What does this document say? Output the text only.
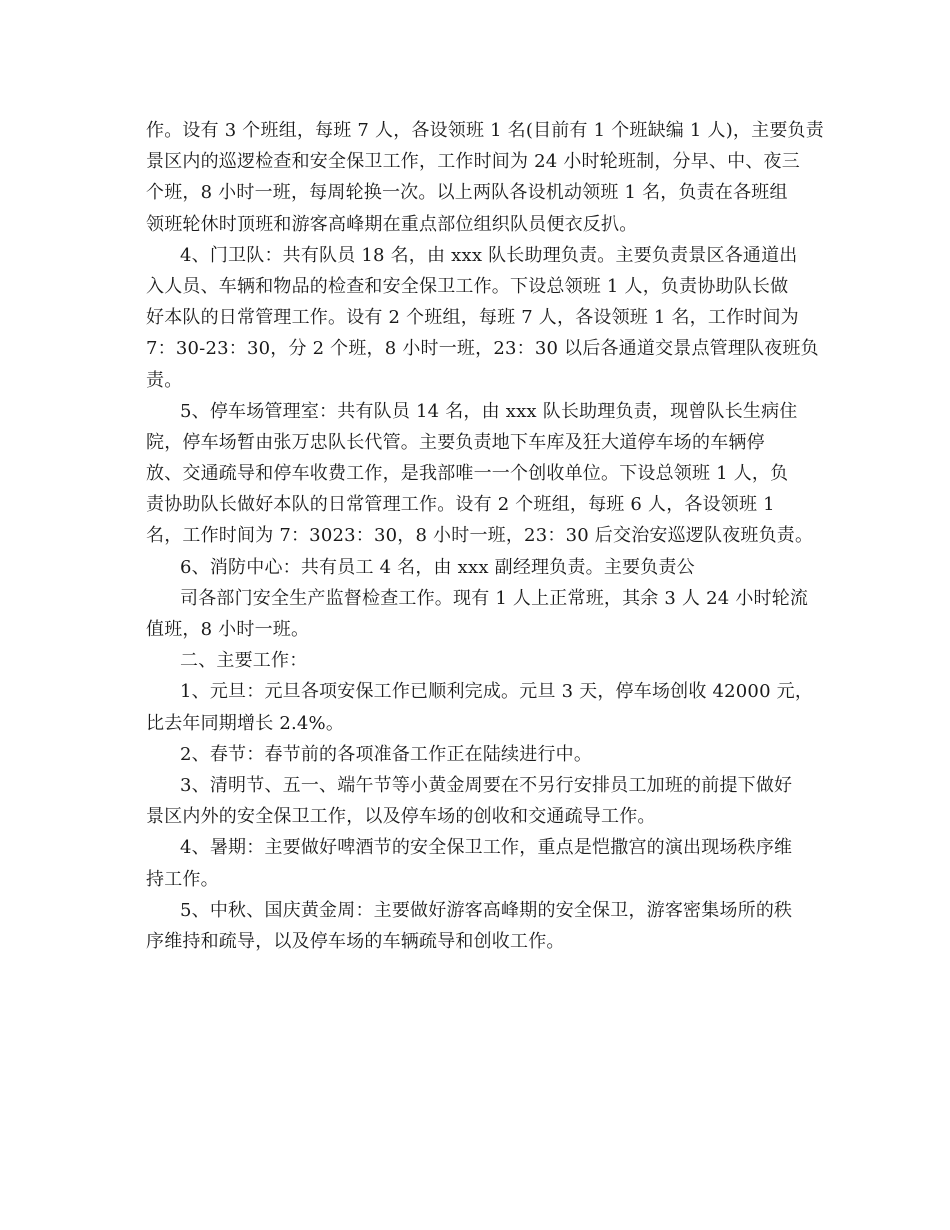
作。设有 3 个班组，每班 7 人，各设领班 1 名(目前有 1 个班缺编 1 人)，主要负责
景区内的巡逻检查和安全保卫工作，工作时间为 24 小时轮班制，分早、中、夜三
个班，8 小时一班，每周轮换一次。以上两队各设机动领班 1 名，负责在各班组
领班轮休时顶班和游客高峰期在重点部位组织队员便衣反扒。
4、门卫队：共有队员 18 名，由 xxx 队长助理负责。主要负责景区各通道出
入人员、车辆和物品的检查和安全保卫工作。下设总领班 1 人，负责协助队长做
好本队的日常管理工作。设有 2 个班组，每班 7 人，各设领班 1 名，工作时间为
7：30-23：30，分 2 个班，8 小时一班，23：30 以后各通道交景点管理队夜班负
责。
5、停车场管理室：共有队员 14 名，由 xxx 队长助理负责，现曾队长生病住
院，停车场暂由张万忠队长代管。主要负责地下车库及狂大道停车场的车辆停
放、交通疏导和停车收费工作，是我部唯一一个创收单位。下设总领班 1 人，负
责协助队长做好本队的日常管理工作。设有 2 个班组，每班 6 人，各设领班 1
名，工作时间为 7：3023：30，8 小时一班，23：30 后交治安巡逻队夜班负责。
6、消防中心：共有员工 4 名，由 xxx 副经理负责。主要负责公
司各部门安全生产监督检查工作。现有 1 人上正常班，其余 3 人 24 小时轮流
值班，8 小时一班。
二、主要工作：
1、元旦：元旦各项安保工作已顺利完成。元旦 3 天，停车场创收 42000 元，
比去年同期增长 2.4%。
2、春节：春节前的各项准备工作正在陆续进行中。
3、清明节、五一、端午节等小黄金周要在不另行安排员工加班的前提下做好
景区内外的安全保卫工作，以及停车场的创收和交通疏导工作。
4、暑期：主要做好啤酒节的安全保卫工作，重点是恺撒宫的演出现场秩序维
持工作。
5、中秋、国庆黄金周：主要做好游客高峰期的安全保卫，游客密集场所的秩
序维持和疏导，以及停车场的车辆疏导和创收工作。
